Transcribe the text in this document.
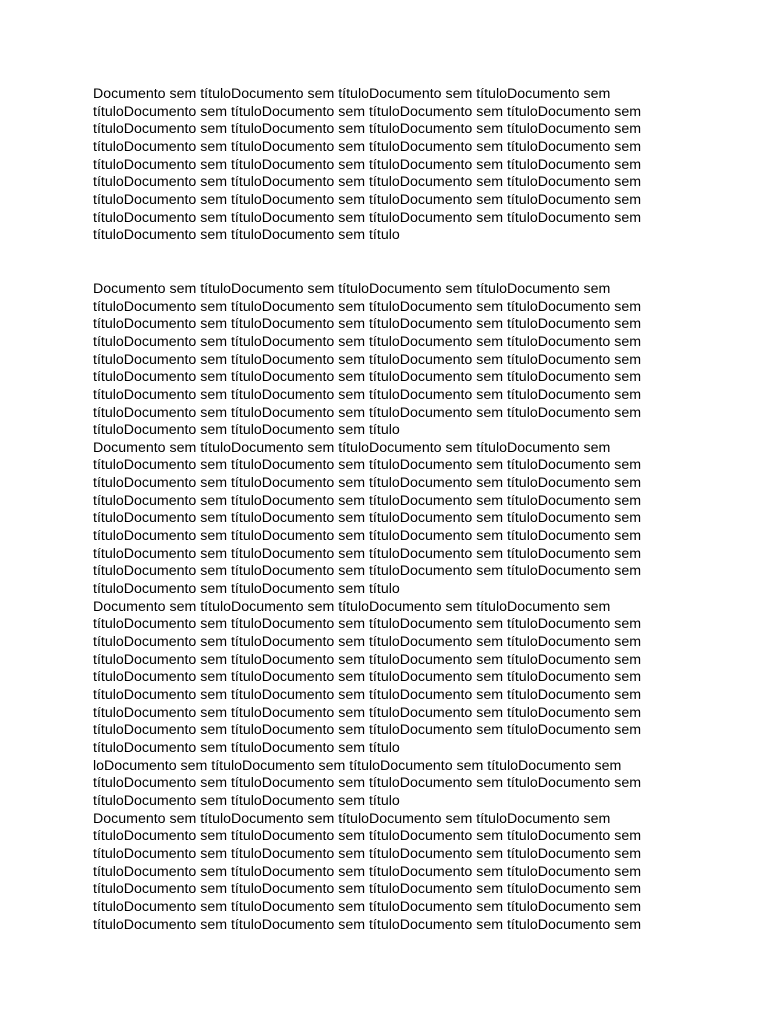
Documento sem títuloDocumento sem títuloDocumento sem títuloDocumento sem
títuloDocumento sem títuloDocumento sem títuloDocumento sem títuloDocumento sem
títuloDocumento sem títuloDocumento sem títuloDocumento sem títuloDocumento sem
títuloDocumento sem títuloDocumento sem títuloDocumento sem títuloDocumento sem
títuloDocumento sem títuloDocumento sem títuloDocumento sem títuloDocumento sem
títuloDocumento sem títuloDocumento sem títuloDocumento sem títuloDocumento sem
títuloDocumento sem títuloDocumento sem títuloDocumento sem títuloDocumento sem
títuloDocumento sem títuloDocumento sem títuloDocumento sem títuloDocumento sem
títuloDocumento sem títuloDocumento sem título
Documento sem títuloDocumento sem títuloDocumento sem títuloDocumento sem
títuloDocumento sem títuloDocumento sem títuloDocumento sem títuloDocumento sem
títuloDocumento sem títuloDocumento sem títuloDocumento sem títuloDocumento sem
títuloDocumento sem títuloDocumento sem títuloDocumento sem títuloDocumento sem
títuloDocumento sem títuloDocumento sem títuloDocumento sem títuloDocumento sem
títuloDocumento sem títuloDocumento sem títuloDocumento sem títuloDocumento sem
títuloDocumento sem títuloDocumento sem títuloDocumento sem títuloDocumento sem
títuloDocumento sem títuloDocumento sem títuloDocumento sem títuloDocumento sem
títuloDocumento sem títuloDocumento sem título
Documento sem títuloDocumento sem títuloDocumento sem títuloDocumento sem
títuloDocumento sem títuloDocumento sem títuloDocumento sem títuloDocumento sem
títuloDocumento sem títuloDocumento sem títuloDocumento sem títuloDocumento sem
títuloDocumento sem títuloDocumento sem títuloDocumento sem títuloDocumento sem
títuloDocumento sem títuloDocumento sem títuloDocumento sem títuloDocumento sem
títuloDocumento sem títuloDocumento sem títuloDocumento sem títuloDocumento sem
títuloDocumento sem títuloDocumento sem títuloDocumento sem títuloDocumento sem
títuloDocumento sem títuloDocumento sem títuloDocumento sem títuloDocumento sem
títuloDocumento sem títuloDocumento sem título
Documento sem títuloDocumento sem títuloDocumento sem títuloDocumento sem
títuloDocumento sem títuloDocumento sem títuloDocumento sem títuloDocumento sem
títuloDocumento sem títuloDocumento sem títuloDocumento sem títuloDocumento sem
títuloDocumento sem títuloDocumento sem títuloDocumento sem títuloDocumento sem
títuloDocumento sem títuloDocumento sem títuloDocumento sem títuloDocumento sem
títuloDocumento sem títuloDocumento sem títuloDocumento sem títuloDocumento sem
títuloDocumento sem títuloDocumento sem títuloDocumento sem títuloDocumento sem
títuloDocumento sem títuloDocumento sem títuloDocumento sem títuloDocumento sem
títuloDocumento sem títuloDocumento sem título
loDocumento sem títuloDocumento sem títuloDocumento sem títuloDocumento sem
títuloDocumento sem títuloDocumento sem títuloDocumento sem títuloDocumento sem
títuloDocumento sem títuloDocumento sem título
Documento sem títuloDocumento sem títuloDocumento sem títuloDocumento sem
títuloDocumento sem títuloDocumento sem títuloDocumento sem títuloDocumento sem
títuloDocumento sem títuloDocumento sem títuloDocumento sem títuloDocumento sem
títuloDocumento sem títuloDocumento sem títuloDocumento sem títuloDocumento sem
títuloDocumento sem títuloDocumento sem títuloDocumento sem títuloDocumento sem
títuloDocumento sem títuloDocumento sem títuloDocumento sem títuloDocumento sem
títuloDocumento sem títuloDocumento sem títuloDocumento sem títuloDocumento sem
